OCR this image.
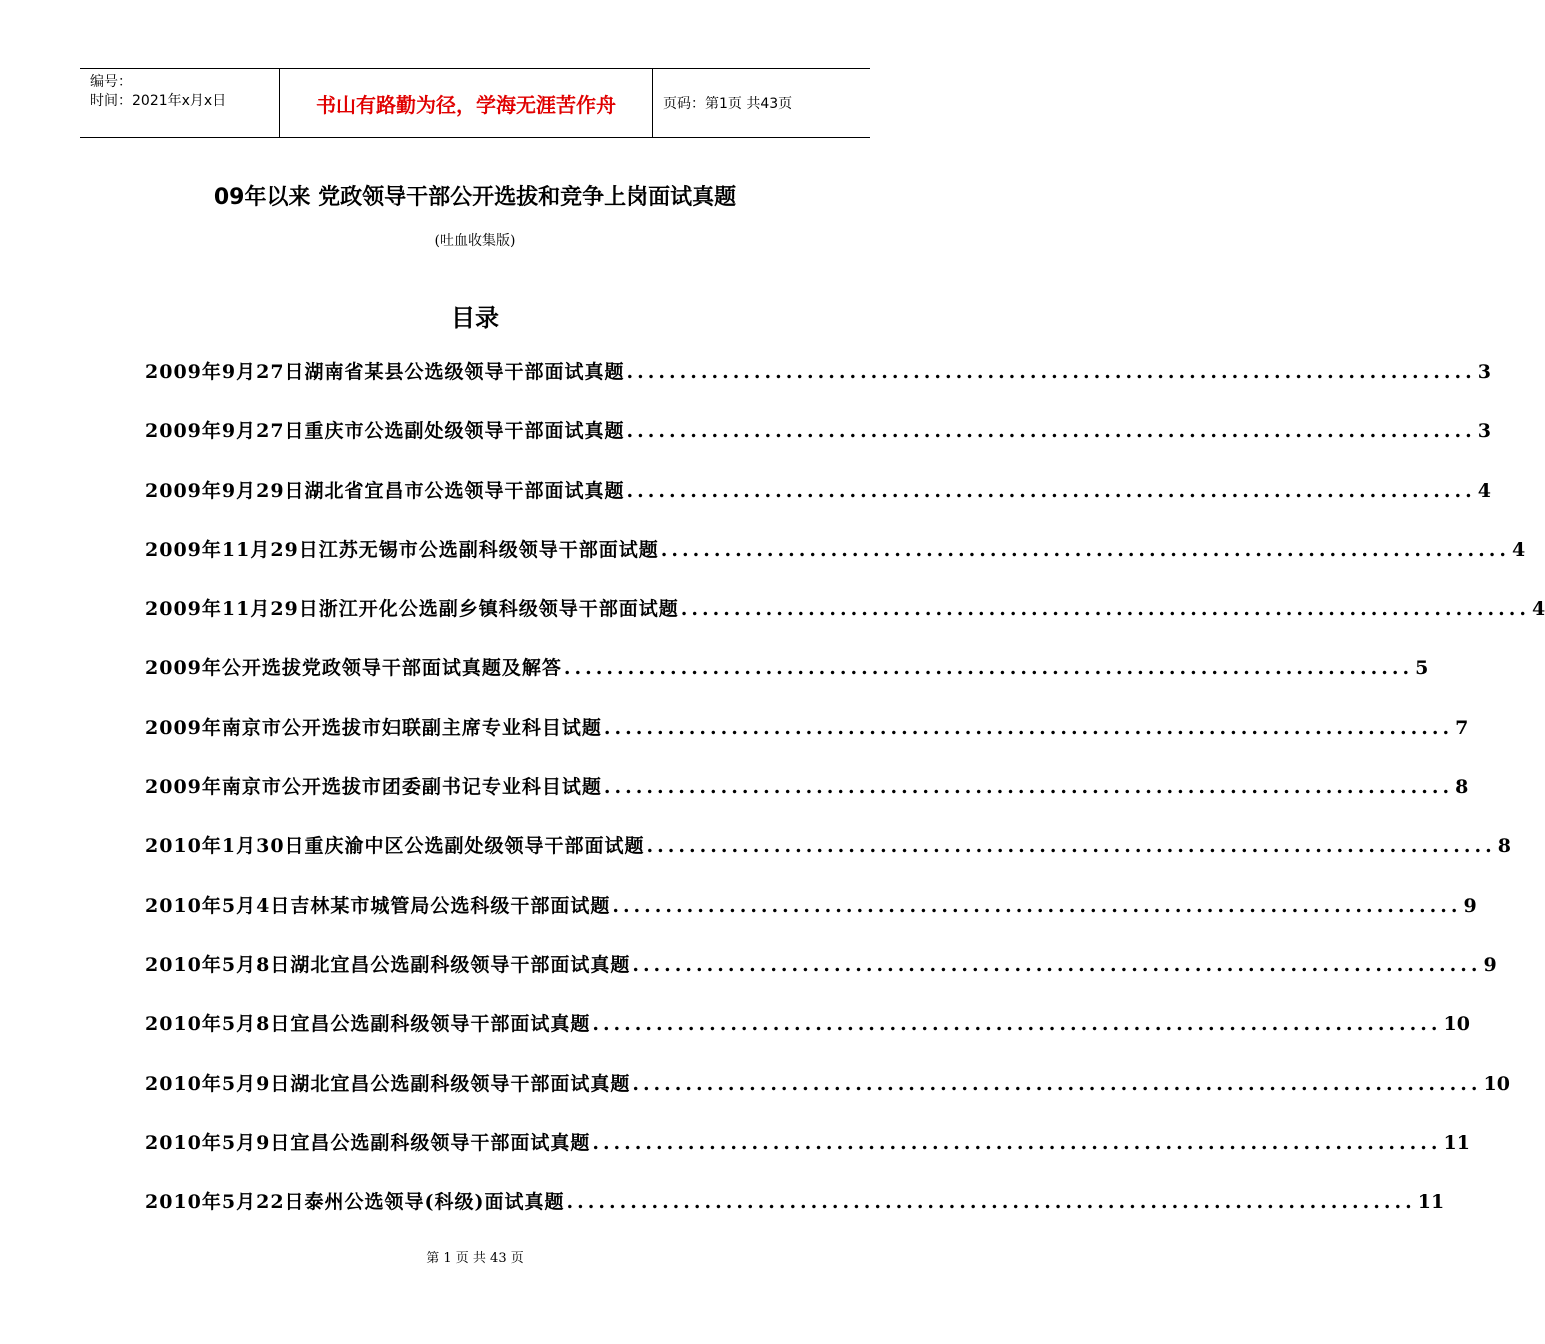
编号：
时间：2021年x月x日	书山有路勤为径，学海无涯苦作舟	页码：第1页 共43页
09年以来 党政领导干部公开选拔和竞争上岗面试真题
(吐血收集版)
目录
2009年9月27日湖南省某县公选级领导干部面试真题 ................................................................................ 3
2009年9月27日重庆市公选副处级领导干部面试真题 ................................................................................ 3
2009年9月29日湖北省宜昌市公选领导干部面试真题 ................................................................................ 4
2009年11月29日江苏无锡市公选副科级领导干部面试题 ................................................................................ 4
2009年11月29日浙江开化公选副乡镇科级领导干部面试题 ................................................................................ 4
2009年公开选拔党政领导干部面试真题及解答 ................................................................................ 5
2009年南京市公开选拔市妇联副主席专业科目试题 ................................................................................ 7
2009年南京市公开选拔市团委副书记专业科目试题 ................................................................................ 8
2010年1月30日重庆渝中区公选副处级领导干部面试题 ................................................................................ 8
2010年5月4日吉林某市城管局公选科级干部面试题 ................................................................................ 9
2010年5月8日湖北宜昌公选副科级领导干部面试真题 ................................................................................ 9
2010年5月8日宜昌公选副科级领导干部面试真题 ................................................................................ 10
2010年5月9日湖北宜昌公选副科级领导干部面试真题 ................................................................................ 10
2010年5月9日宜昌公选副科级领导干部面试真题 ................................................................................ 11
2010年5月22日泰州公选领导(科级)面试真题 ................................................................................ 11
第 1 页 共 43 页
